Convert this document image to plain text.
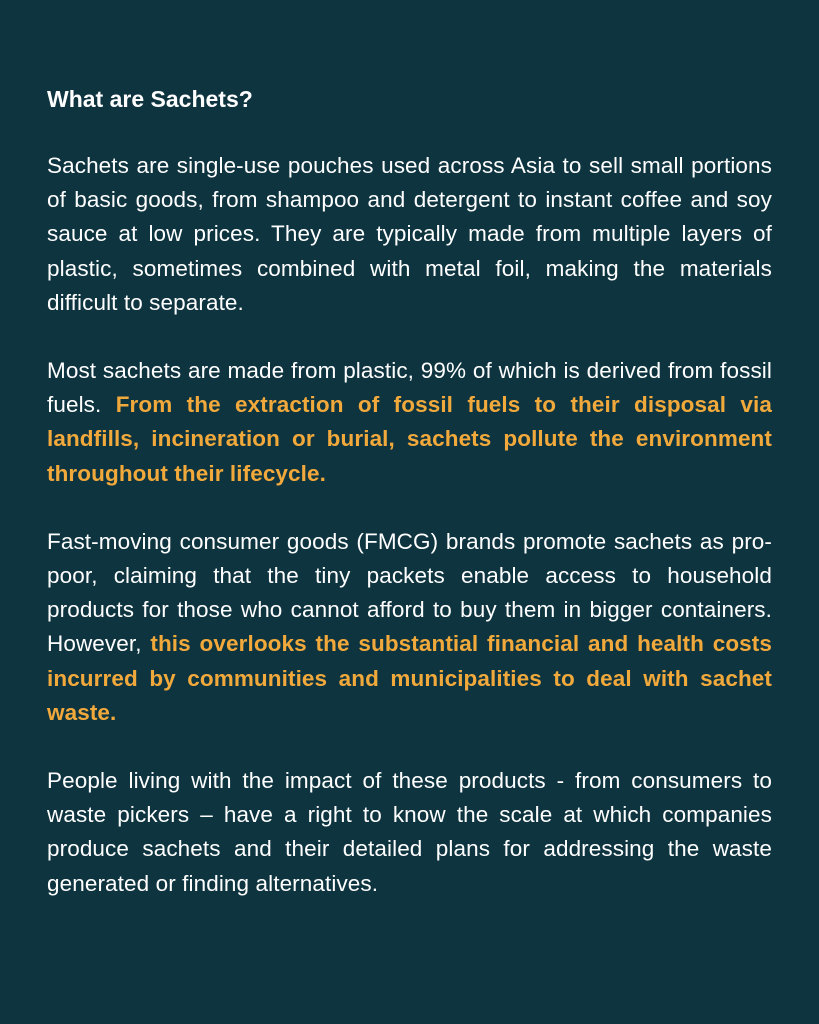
What are Sachets?

Sachets are single-use pouches used across Asia to sell small portions of basic goods, from shampoo and detergent to instant coffee and soy sauce at low prices. They are typically made from multiple layers of plastic, sometimes combined with metal foil, making the materials difficult to separate.

Most sachets are made from plastic, 99% of which is derived from fossil fuels. From the extraction of fossil fuels to their disposal via landfills, incineration or burial, sachets pollute the environment throughout their lifecycle.

Fast-moving consumer goods (FMCG) brands promote sachets as pro-poor, claiming that the tiny packets enable access to household products for those who cannot afford to buy them in bigger containers. However, this overlooks the substantial financial and health costs incurred by communities and municipalities to deal with sachet waste.

People living with the impact of these products - from consumers to waste pickers – have a right to know the scale at which companies produce sachets and their detailed plans for addressing the waste generated or finding alternatives.
